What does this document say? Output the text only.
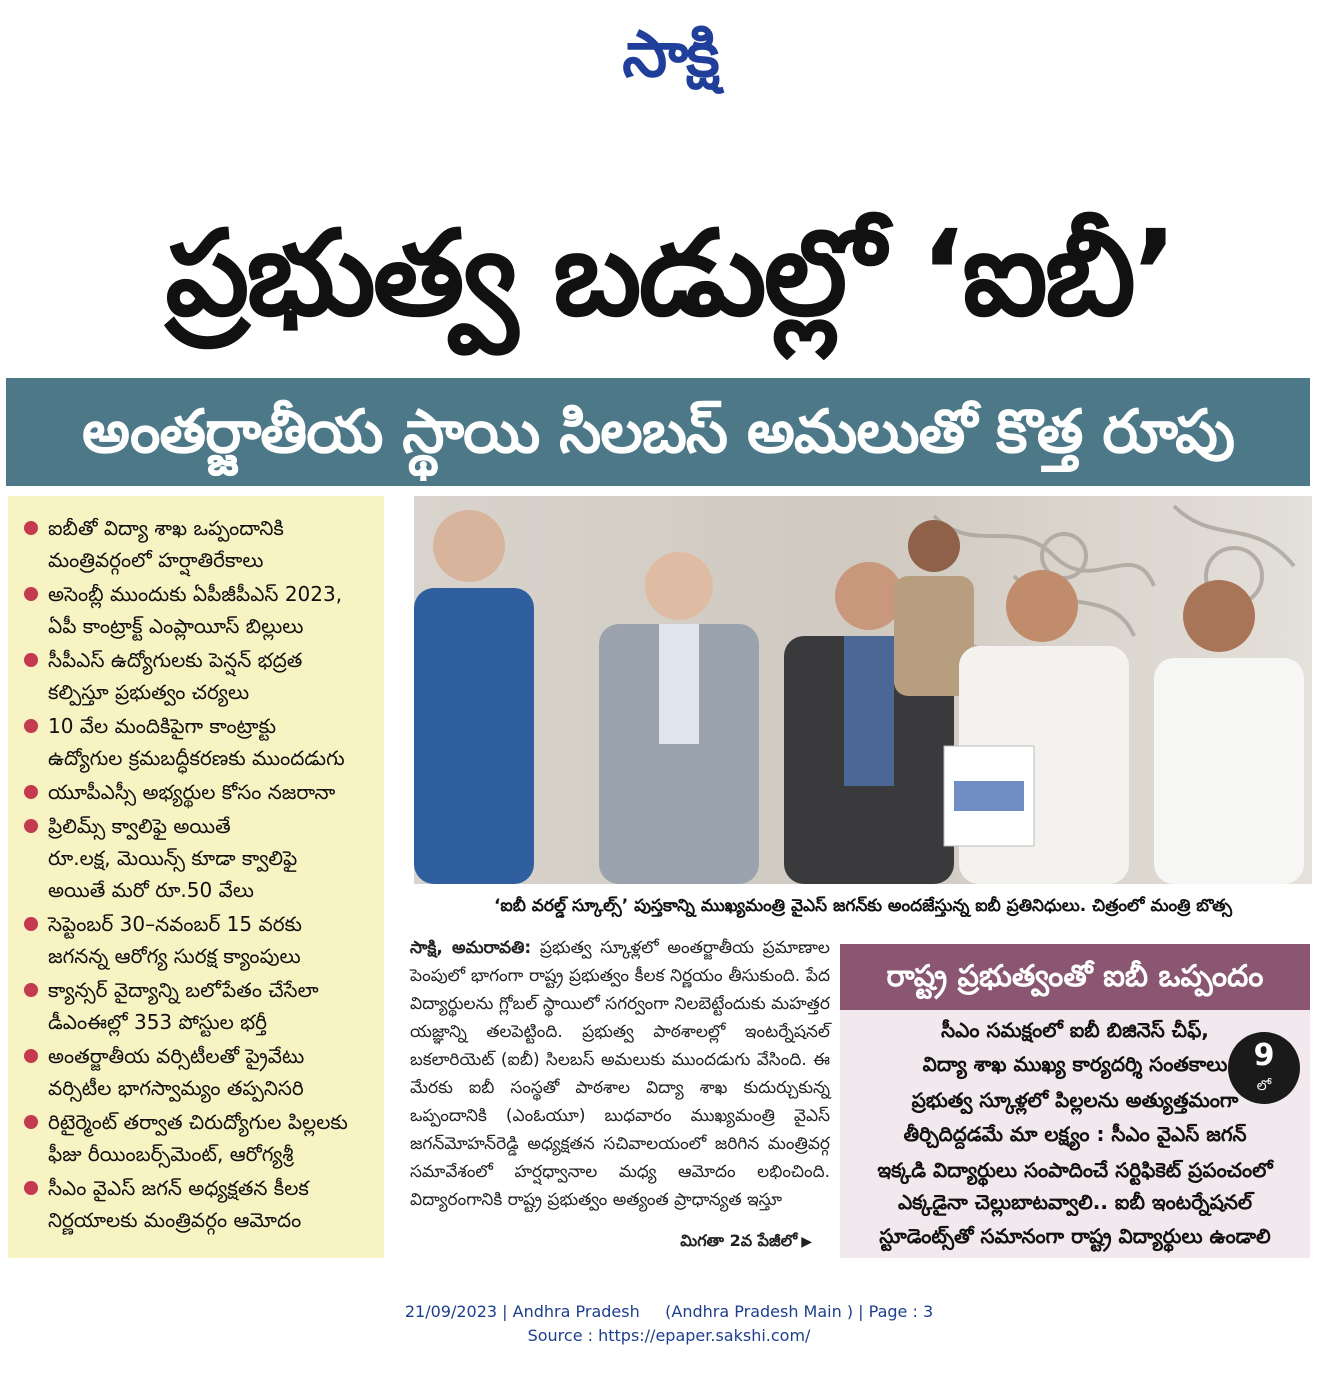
సాక్షి
ప్రభుత్వ బడుల్లో ‘ఐబీ’
అంతర్జాతీయ స్థాయి సిలబస్‌ అమలుతో కొత్త రూపు
ఐబీతో విద్యా శాఖ ఒప్పందానికి
మంత్రివర్గంలో హర్షాతిరేకాలు
అసెంబ్లీ ముందుకు ఏపీజీపీఎస్‌ 2023,
ఏపీ కాంట్రాక్ట్‌ ఎంప్లాయీస్‌ బిల్లులు
సీపీఎస్‌ ఉద్యోగులకు పెన్షన్‌ భద్రత
కల్పిస్తూ ప్రభుత్వం చర్యలు
10 వేల మందికిపైగా కాంట్రాక్టు
ఉద్యోగుల క్రమబద్ధీకరణకు ముందడుగు
యూపీఎస్సీ అభ్యర్థుల కోసం నజరానా
ప్రిలిమ్స్‌ క్వాలిఫై అయితే
రూ.లక్ష, మెయిన్స్‌ కూడా క్వాలిఫై
అయితే మరో రూ.50 వేలు
సెప్టెంబర్‌ 30–నవంబర్‌ 15 వరకు
జగనన్న ఆరోగ్య సురక్ష క్యాంపులు
క్యాన్సర్‌ వైద్యాన్ని బలోపేతం చేసేలా
డీఎంఈల్లో 353 పోస్టుల భర్తీ
అంతర్జాతీయ వర్సిటీలతో ప్రైవేటు
వర్సిటీల భాగస్వామ్యం తప్పనిసరి
రిటైర్మెంట్‌ తర్వాత చిరుద్యోగుల పిల్లలకు
ఫీజు రీయింబర్స్‌మెంట్, ఆరోగ్యశ్రీ
సీఎం వైఎస్‌ జగన్‌ అధ్యక్షతన కీలక
నిర్ణయాలకు మంత్రివర్గం ఆమోదం
‘ఐబీ వరల్డ్‌ స్కూల్స్‌’ పుస్తకాన్ని ముఖ్యమంత్రి వైఎస్‌ జగన్‌కు అందజేస్తున్న ఐబీ ప్రతినిధులు. చిత్రంలో మంత్రి బొత్స
సాక్షి, అమరావతి: ప్రభుత్వ స్కూళ్లలో అంతర్జాతీయ ప్రమాణాల పెంపులో భాగంగా రాష్ట్ర ప్రభుత్వం కీలక నిర్ణయం తీసుకుంది. పేద విద్యార్థులను గ్లోబల్‌ స్థాయిలో సగర్వంగా నిలబెట్టేందుకు మహత్తర యజ్ఞాన్ని తలపెట్టింది. ప్రభుత్వ పాఠశాలల్లో ఇంటర్నేషనల్‌ బకలారియెట్‌ (ఐబీ) సిలబస్‌ అమలుకు ముందడుగు వేసింది. ఈ మేరకు ఐబీ సంస్థతో పాఠశాల విద్యా శాఖ కుదుర్చుకున్న ఒప్పందానికి (ఎంఓయూ) బుధవారం ముఖ్యమంత్రి వైఎస్‌ జగన్‌మోహన్‌రెడ్డి అధ్యక్షతన సచివాలయంలో జరిగిన మంత్రివర్గ సమావేశంలో హర్షధ్వానాల మధ్య ఆమోదం లభించింది. విద్యారంగానికి రాష్ట్ర ప్రభుత్వం అత్యంత ప్రాధాన్యత ఇస్తూ
మిగతా 2వ పేజీలో ▶
రాష్ట్ర ప్రభుత్వంతో ఐబీ ఒప్పందం
సీఎం సమక్షంలో ఐబీ బిజినెస్‌ చీఫ్,
విద్యా శాఖ ముఖ్య కార్యదర్శి సంతకాలు
ప్రభుత్వ స్కూళ్లలో పిల్లలను అత్యుత్తమంగా
తీర్చిదిద్దడమే మా లక్ష్యం : సీఎం వైఎస్‌ జగన్‌
ఇక్కడి విద్యార్థులు సంపాదించే సర్టిఫికెట్‌ ప్రపంచంలో
ఎక్కడైనా చెల్లుబాటవ్వాలి.. ఐబీ ఇంటర్నేషనల్‌
స్టూడెంట్స్‌తో సమానంగా రాష్ట్ర విద్యార్థులు ఉండాలి
9
లో
21/09/2023 | Andhra Pradesh     (Andhra Pradesh Main ) | Page : 3
Source : https://epaper.sakshi.com/
